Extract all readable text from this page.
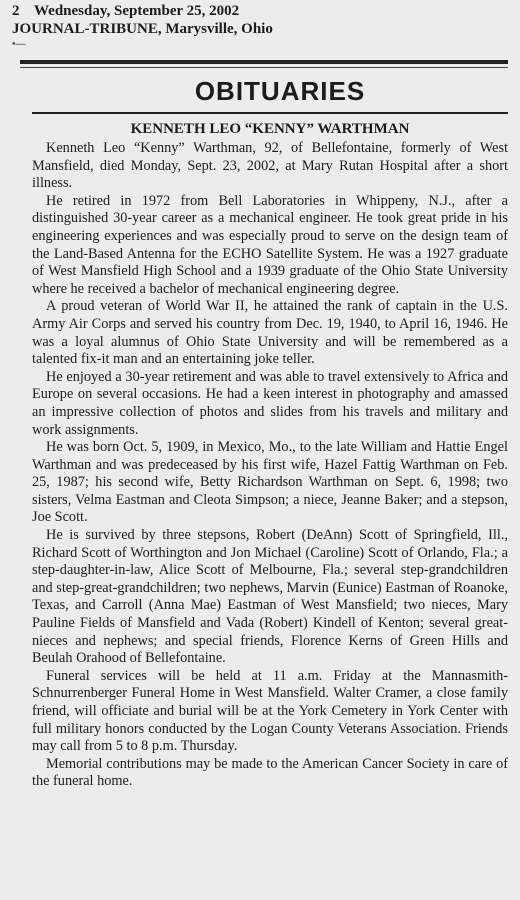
2 Wednesday, September 25, 2002
JOURNAL-TRIBUNE, Marysville, Ohio
•—
OBITUARIES
KENNETH LEO “KENNY” WARTHMAN

Kenneth Leo “Kenny” Warthman, 92, of Bellefontaine, formerly of West Mansfield, died Monday, Sept. 23, 2002, at Mary Rutan Hospital after a short illness.

He retired in 1972 from Bell Laboratories in Whippeny, N.J., after a distinguished 30-year career as a mechanical engineer. He took great pride in his engineering experiences and was especially proud to serve on the design team of the Land-Based Antenna for the ECHO Satellite System. He was a 1927 graduate of West Mansfield High School and a 1939 graduate of the Ohio State University where he received a bachelor of mechanical engineering degree.

A proud veteran of World War II, he attained the rank of captain in the U.S. Army Air Corps and served his country from Dec. 19, 1940, to April 16, 1946. He was a loyal alumnus of Ohio State University and will be remembered as a talented fix-it man and an entertaining joke teller.

He enjoyed a 30-year retirement and was able to travel extensively to Africa and Europe on several occasions. He had a keen interest in photography and amassed an impressive collection of photos and slides from his travels and military and work assignments.

He was born Oct. 5, 1909, in Mexico, Mo., to the late William and Hattie Engel Warthman and was predeceased by his first wife, Hazel Fattig Warthman on Feb. 25, 1987; his second wife, Betty Richardson Warthman on Sept. 6, 1998; two sisters, Velma Eastman and Cleota Simpson; a niece, Jeanne Baker; and a stepson, Joe Scott.

He is survived by three stepsons, Robert (DeAnn) Scott of Springfield, Ill., Richard Scott of Worthington and Jon Michael (Caroline) Scott of Orlando, Fla.; a step-daughter-in-law, Alice Scott of Melbourne, Fla.; several step-grandchildren and step-great-grandchildren; two nephews, Marvin (Eunice) Eastman of Roanoke, Texas, and Carroll (Anna Mae) Eastman of West Mansfield; two nieces, Mary Pauline Fields of Mansfield and Vada (Robert) Kindell of Kenton; several great-nieces and nephews; and special friends, Florence Kerns of Green Hills and Beulah Orahood of Bellefontaine.

Funeral services will be held at 11 a.m. Friday at the Mannasmith-Schnurrenberger Funeral Home in West Mansfield. Walter Cramer, a close family friend, will officiate and burial will be at the York Cemetery in York Center with full military honors conducted by the Logan County Veterans Association. Friends may call from 5 to 8 p.m. Thursday.

Memorial contributions may be made to the American Cancer Society in care of the funeral home.
